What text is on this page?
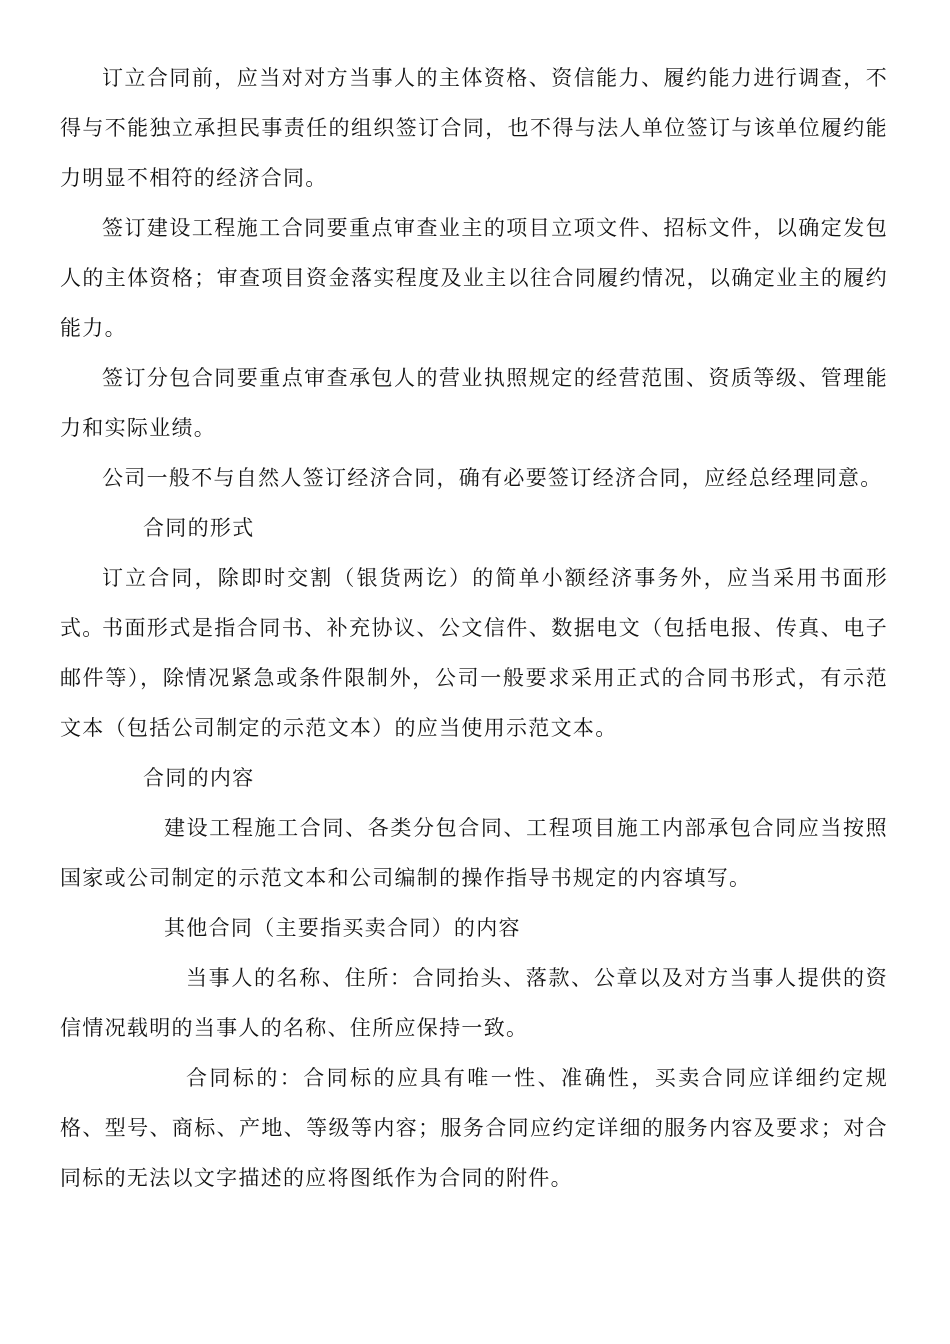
订立合同前，应当对对方当事人的主体资格、资信能力、履约能力进行调查，不得与不能独立承担民事责任的组织签订合同，也不得与法人单位签订与该单位履约能力明显不相符的经济合同。

签订建设工程施工合同要重点审查业主的项目立项文件、招标文件，以确定发包人的主体资格；审查项目资金落实程度及业主以往合同履约情况，以确定业主的履约能力。

签订分包合同要重点审查承包人的营业执照规定的经营范围、资质等级、管理能力和实际业绩。

公司一般不与自然人签订经济合同，确有必要签订经济合同，应经总经理同意。

合同的形式

订立合同，除即时交割（银货两讫）的简单小额经济事务外，应当采用书面形式。

书面形式是指合同书、补充协议、公文信件、数据电文（包括电报、传真、电子邮件等），除情况紧急或条件限制外，公司一般要求采用正式的合同书形式，有示范文本（包括公司制定的示范文本）的应当使用示范文本。

合同的内容

建设工程施工合同、各类分包合同、工程项目施工内部承包合同应当按照国家或公司制定的示范文本和公司编制的操作指导书规定的内容填写。

其他合同（主要指买卖合同）的内容

当事人的名称、住所：合同抬头、落款、公章以及对方当事人提供的资信情况载明的当事人的名称、住所应保持一致。

合同标的：合同标的应具有唯一性、准确性，买卖合同应详细约定规格、型号、商标、产地、等级等内容；服务合同应约定详细的服务内容及要求；对合同标的无法以文字描述的应将图纸作为合同的附件。
